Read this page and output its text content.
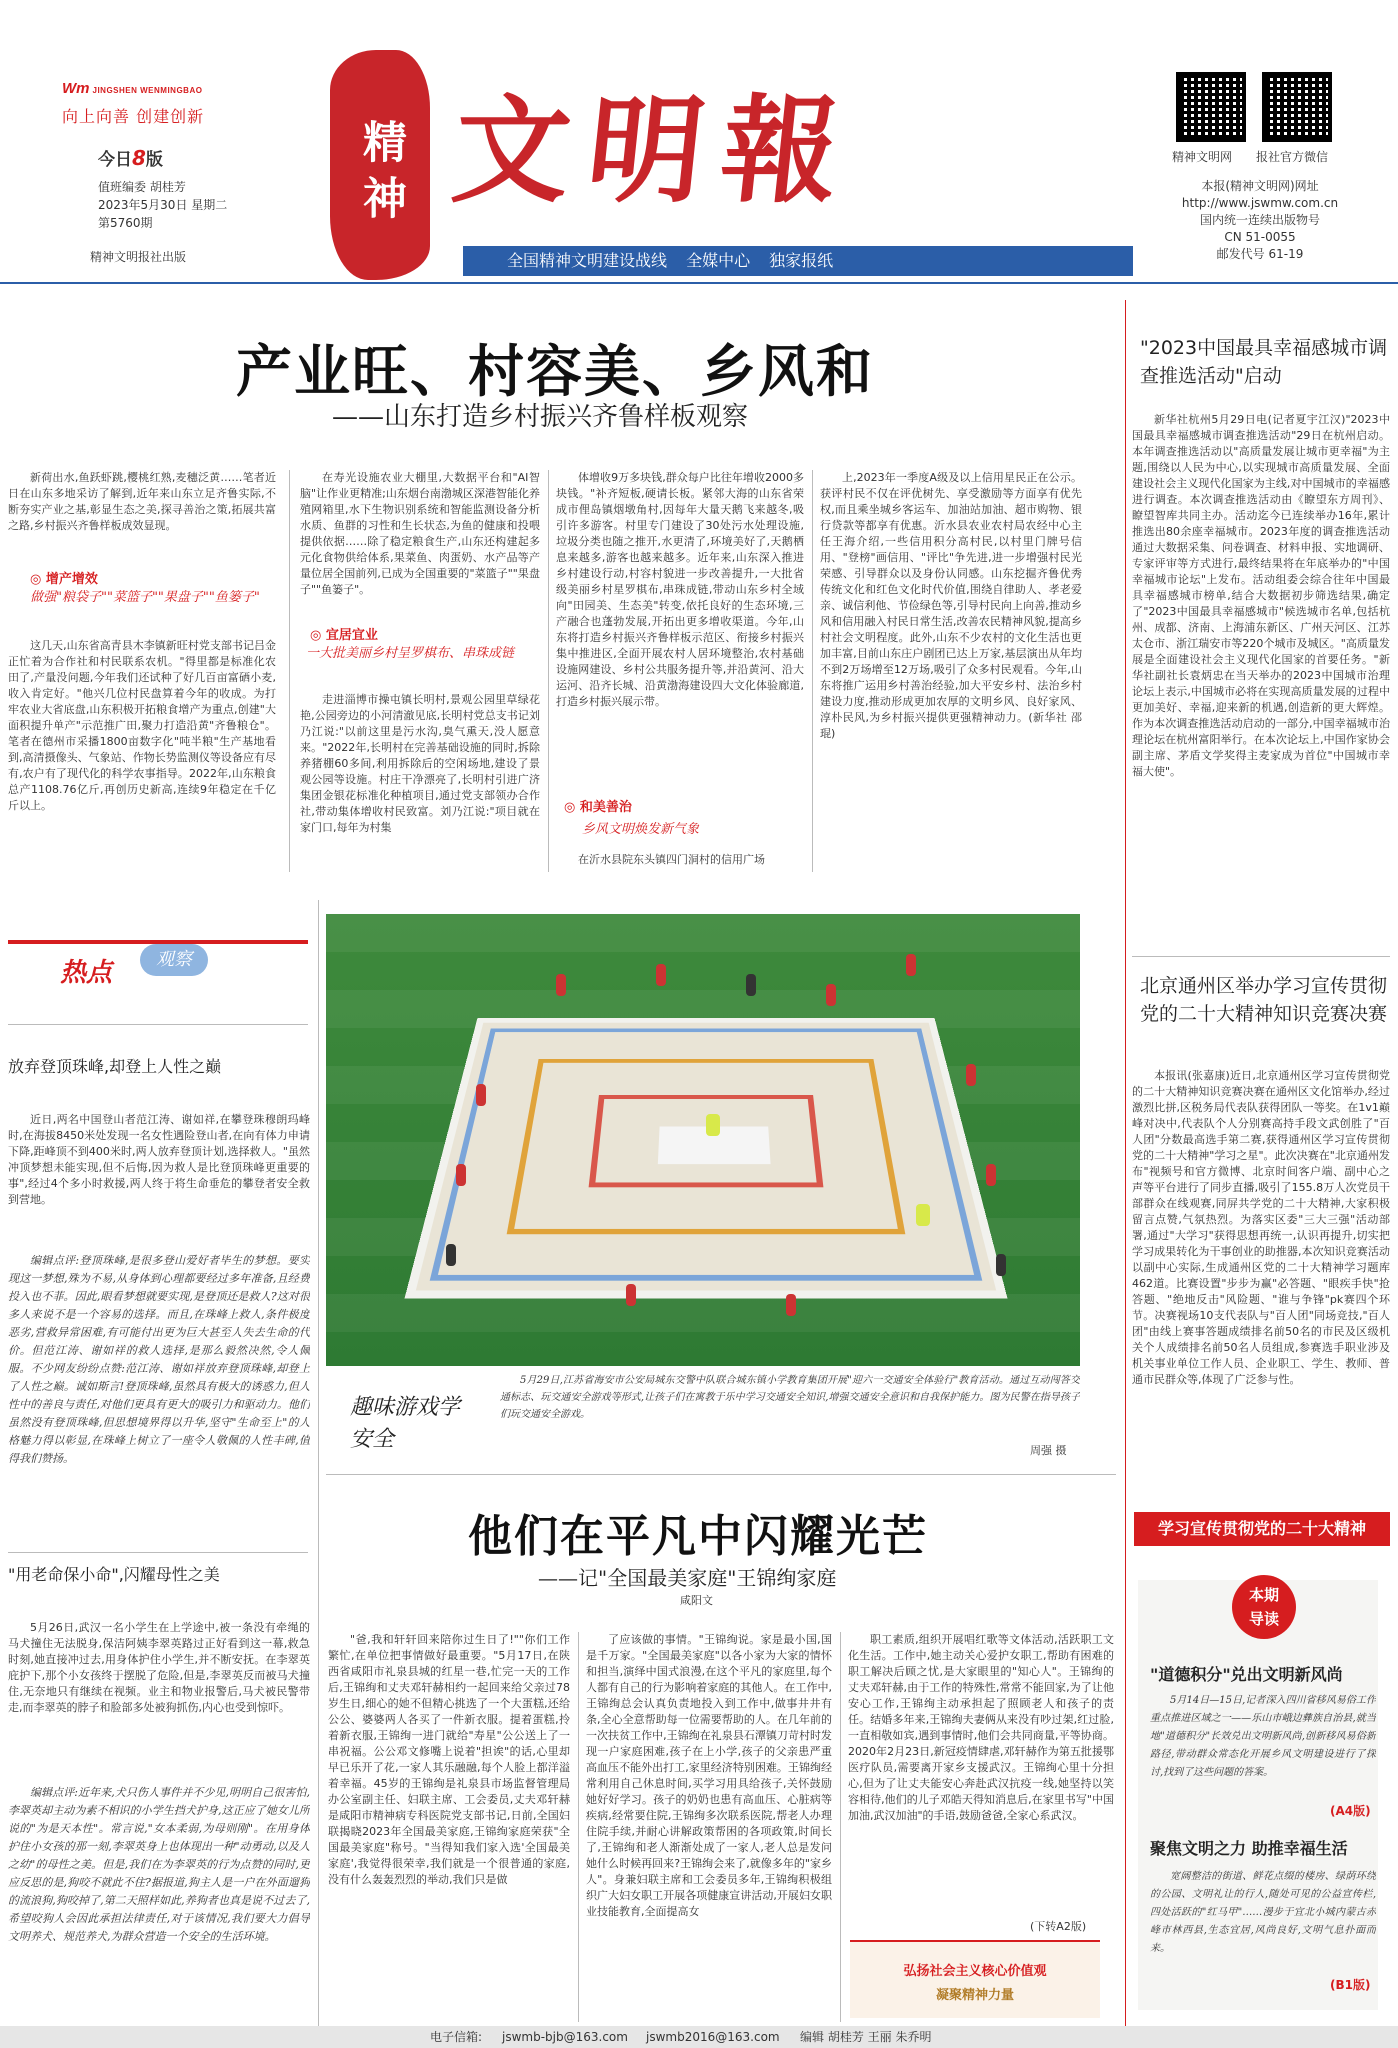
Wm JINGSHEN WENMINGBAO
向上向善 创建创新
今日8版
值班编委 胡桂芳
2023年5月30日 星期二
第5760期
精神文明报社出版
精神 文明報
全国精神文明建设战线 全媒中心 独家报纸
精神文明网 报社官方微信
本报(精神文明网)网址
http://www.jswmw.com.cn
国内统一连续出版物号
CN 51-0055
邮发代号 61-19
产业旺、村容美、乡风和
——山东打造乡村振兴齐鲁样板观察
新荷出水,鱼跃虾跳,樱桃红熟,麦穗泛黄……笔者近日在山东多地采访了解到,近年来山东立足齐鲁实际,不断夯实产业之基,彰显生态之美,探寻善治之策,拓展共富之路,乡村振兴齐鲁样板成效显现。
◎ 增产增效
做强"粮袋子""菜篮子""果盘子""鱼篓子"
这几天,山东省高青县木李镇新旺村党支部书记吕金正忙着为合作社和村民联系农机。"得里都是标准化农田了,产量没问题,今年我们还试种了好几百亩富硒小麦,收入肯定好。"他兴几位村民盘算着今年的收成。为打牢农业大省底盘,山东积极开拓粮食增产为重点,创建"大面积提升单产"示范推广田,聚力打造沿黄"齐鲁粮仓"。笔者在德州市采播1800亩数字化"吨半粮"生产基地看到,高清摄像头、气象站、作物长势监测仪等设备应有尽有,农户有了现代化的科学农事指导。2022年,山东粮食总产1108.76亿斤,再创历史新高,连续9年稳定在千亿斤以上。
在寿光设施农业大棚里,大数据平台和"AI智脑"让作业更精准;山东烟台南渤城区深港智能化养殖网箱里,水下生物识别系统和智能监测设备分析水质、鱼群的习性和生长状态,为鱼的健康和投喂提供依据……除了稳定粮食生产,山东还构建起多元化食物供给体系,果菜鱼、肉蛋奶、水产品等产量位居全国前列,已成为全国重要的"菜篮子""果盘子""鱼篓子"。
◎ 宜居宜业
一大批美丽乡村呈罗棋布、串珠成链
走进淄博市操屯镇长明村,景观公园里草绿花艳,公园旁边的小河清澈见底,长明村党总支书记刘乃江说:"以前这里是污水沟,臭气熏天,没人愿意来。"2022年,长明村在完善基础设施的同时,拆除养猪棚60多间,利用拆除后的空闲场地,建设了景观公园等设施。村庄干净漂亮了,长明村引进广济集团金银花标准化种植项目,通过党支部领办合作社,带动集体增收村民致富。刘乃江说:"项目就在家门口,每年为村集
体增收9万多块钱,群众每户比往年增收2000多块钱。"补齐短板,硬请长板。紧邻大海的山东省荣成市俚岛镇烟墩角村,因每年大量天鹅飞来越冬,吸引许多游客。村里专门建设了30处污水处理设施,垃圾分类也随之推开,水更清了,环境美好了,天鹅栖息来越多,游客也越来越多。近年来,山东深入推进乡村建设行动,村容村貌进一步改善提升,一大批省级美丽乡村星罗棋布,串珠成链,带动山东乡村全域向"田园美、生态美"转变,依托良好的生态环境,三产融合也蓬勃发展,开拓出更多增收渠道。今年,山东将打造乡村振兴齐鲁样板示范区、衔接乡村振兴集中推进区,全面开展农村人居环境整治,农村基础设施网建设、乡村公共服务提升等,并沿黄河、沿大运河、沿齐长城、沿黄渤海建设四大文化体验廊道,打造乡村振兴展示带。
◎ 和美善治
乡风文明焕发新气象
在沂水县院东头镇四门洞村的信用广场
上,2023年一季度A级及以上信用星民正在公示。获评村民不仅在评优树先、享受激励等方面享有优先权,而且乘坐城乡客运车、加油站加油、超市购物、银行贷款等都享有优惠。沂水县农业农村局农经中心主任王海介绍,一些信用积分高村民,以村里门牌号信用、"登榜"画信用、"评比"争先进,进一步增强村民光荣感、引导群众以及身份认同感。山东挖掘齐鲁优秀传统文化和红色文化时代价值,围绕自律助人、孝老爱亲、诚信利他、节俭绿色等,引导村民向上向善,推动乡风和信用融入村民日常生活,改善农民精神风貌,提高乡村社会文明程度。此外,山东不少农村的文化生活也更加丰富,目前山东庄户剧团已达上万家,基层演出从年均不到2万场增至12万场,吸引了众多村民观看。今年,山东将推广运用乡村善治经验,加大平安乡村、法治乡村建设力度,推动形成更加农厚的文明乡风、良好家风、淳朴民风,为乡村振兴提供更强精神动力。(新华社 邵琨)
"2023中国最具幸福感城市调查推选活动"启动
新华社杭州5月29日电(记者夏宇江汉)"2023中国最具幸福感城市调查推选活动"29日在杭州启动。本年调查推选活动以"高质量发展让城市更幸福"为主题,围绕以人民为中心,以实现城市高质量发展、全面建设社会主义现代化国家为主线,对中国城市的幸福感进行调查。本次调查推选活动由《瞭望东方周刊》、瞭望智库共同主办。活动迄今已连续举办16年,累计推选出80余座幸福城市。2023年度的调查推选活动通过大数据采集、问卷调查、材料申报、实地调研、专家评审等方式进行,最终结果将在年底举办的"中国幸福城市论坛"上发布。活动组委会综合往年中国最具幸福感城市榜单,结合大数据初步筛选结果,确定了"2023中国最具幸福感城市"候选城市名单,包括杭州、成都、济南、上海浦东新区、广州天河区、江苏太仓市、浙江瑞安市等220个城市及城区。"高质量发展是全面建设社会主义现代化国家的首要任务。"新华社副社长袁炳忠在当天举办的2023中国城市治理论坛上表示,中国城市必将在实现高质量发展的过程中更加美好、幸福,迎来新的机遇,创造新的更大辉煌。作为本次调查推选活动启动的一部分,中国幸福城市治理论坛在杭州富阳举行。在本次论坛上,中国作家协会副主席、茅盾文学奖得主麦家成为首位"中国城市幸福大使"。
北京通州区举办学习宣传贯彻党的二十大精神知识竞赛决赛
本报讯(张嘉康)近日,北京通州区学习宣传贯彻党的二十大精神知识竞赛决赛在通州区文化馆举办,经过激烈比拼,区税务局代表队获得团队一等奖。在1v1巅峰对决中,代表队个人分别赛高持手段文武创胜了"百人团"分数最高选手第二赛,获得通州区学习宣传贯彻党的二十大精神"学习之星"。此次决赛在"北京通州发布"视频号和官方微博、北京时间客户端、副中心之声等平台进行了同步直播,吸引了155.8万人次党员干部群众在线观赛,同屏共学党的二十大精神,大家积极留言点赞,气氛热烈。为落实区委"三大三强"活动部署,通过"大学习"获得思想再统一,认识再提升,切实把学习成果转化为干事创业的助推器,本次知识竞赛活动以副中心实际,生成通州区党的二十大精神学习题库462道。比赛设置"步步为赢"必答题、"眼疾手快"抢答题、"绝地反击"风险题、"谁与争锋"pk赛四个环节。决赛视场10支代表队与"百人团"同场竞技,"百人团"由线上赛事答题成绩排名前50名的市民及区级机关个人成绩排名前50名人员组成,参赛选手职业涉及机关事业单位工作人员、企业职工、学生、教师、普通市民群众等,体现了广泛参与性。
学习宣传贯彻党的二十大精神
本期
导读
"道德积分"兑出文明新风尚
5月14日—15日,记者深入四川省移风易俗工作重点推进区域之一——乐山市峨边彝族自治县,就当地"道德积分"长效兑出文明新风尚,创新移风易俗新路径,带动群众常态化开展乡风文明建设进行了探讨,找到了这些问题的答案。
(A4版)
聚焦文明之力 助推幸福生活
宽阔整洁的街道、鲜花点缀的楼房、绿荫环绕的公园、文明礼让的行人,随处可见的公益宣传栏,四处活跃的"红马甲"……漫步于宜北小城内蒙古赤峰市林西县,生态宜居,风尚良好,文明气息扑面而来。
(B1版)
热点	观察
放弃登顶珠峰,却登上人性之巅
近日,两名中国登山者范江涛、谢如祥,在攀登珠穆朗玛峰时,在海拔8450米处发现一名女性遇险登山者,在向有体力申请下降,距峰顶不到400米时,两人放弃登顶计划,选择救人。"虽然冲顶梦想未能实现,但不后悔,因为救人是比登顶珠峰更重要的事",经过4个多小时救援,两人终于将生命垂危的攀登者安全救到营地。
编辑点评:登顶珠峰,是很多登山爱好者毕生的梦想。要实现这一梦想,殊为不易,从身体到心理都要经过多年准备,且经费投入也不菲。因此,眼看梦想就要实现,是登顶还是救人?这对很多人来说不是一个容易的选择。而且,在珠峰上救人,条件极度恶劣,营救异常困难,有可能付出更为巨大甚至人失去生命的代价。但范江涛、谢如祥的救人选择,是那么毅然决然,令人佩服。不少网友纷纷点赞:范江涛、谢如祥放弃登顶珠峰,却登上了人性之巅。诚如斯言!登顶珠峰,虽然具有极大的诱惑力,但人性中的善良与责任,对他们更具有更大的吸引力和驱动力。他们虽然没有登顶珠峰,但思想境界得以升华,坚守"生命至上"的人格魅力得以彰显,在珠峰上树立了一座令人敬佩的人性丰碑,值得我们赞扬。
"用老命保小命",闪耀母性之美
5月26日,武汉一名小学生在上学途中,被一条没有牵绳的马犬撞住无法脱身,保洁阿姨李翠英路过正好看到这一幕,救急时刻,她直接冲过去,用身体护住小学生,并不断安抚。在李翠英庇护下,那个小女孩终于摆脱了危险,但是,李翠英反而被马犬撞住,无奈地只有继续在视频。业主和物业报警后,马犬被民警带走,而李翠英的脖子和脸部多处被狗抓伤,内心也受到惊吓。
编辑点评:近年来,犬只伤人事件并不少见,明明自己很害怕,李翠英却主动为素不相识的小学生挡犬护身,这正应了她女儿所说的"为是天本性"。常言说,"女本柔弱,为母则刚"。在用身体护住小女孩的那一刻,李翠英身上也体现出一种"动勇动,以及人之幼"的母性之美。但是,我们在为李翠英的行为点赞的同时,更应反思的是,狗咬不就此不住?据报道,狗主人是一户在外面遛狗的流浪狗,狗咬掉了,第二天照样如此,养狗者也真是说不过去了,希望咬狗人会因此承担法律责任,对于该情况,我们要大力倡导文明养犬、规范养犬,为群众营造一个安全的生活环境。
趣味游戏学安全
5月29日,江苏省海安市公安局城东交警中队联合城东镇小学教育集团开展"迎六一交通安全体验行"教育活动。通过互动闯答交通标志、玩交通安全游戏等形式,让孩子们在寓教于乐中学习交通安全知识,增强交通安全意识和自我保护能力。图为民警在指导孩子们玩交通安全游戏。
周强 摄
他们在平凡中闪耀光芒
——记"全国最美家庭"王锦绚家庭
咸阳文
"爸,我和轩轩回来陪你过生日了!""你们工作繁忙,在单位把事情做好最重要。"5月17日,在陕西省咸阳市礼泉县城的红星一巷,忙完一天的工作后,王锦绚和丈夫邓轩赫相约一起回来给父亲过78岁生日,细心的她不但精心挑选了一个大蛋糕,还给公公、婆婆两人各买了一件新衣服。提着蛋糕,拎着新衣服,王锦绚一进门就给"寿星"公公送上了一串祝福。公公邓文修嘴上说着"担诶"的话,心里却早已乐开了花,一家人其乐融融,每个人脸上都洋溢着幸福。45岁的王锦绚是礼泉县市场监督管理局办公室副主任、妇联主席、工会委员,丈夫邓轩赫是咸阳市精神病专科医院党支部书记,日前,全国妇联揭晓2023年全国最美家庭,王锦绚家庭荣获"全国最美家庭"称号。"当得知我们家入选'全国最美家庭',我觉得很荣幸,我们就是一个很普通的家庭,没有什么轰轰烈烈的举动,我们只是做
了应该做的事情。"王锦绚说。家是最小国,国是千万家。"全国最美家庭"以各小家为大家的情怀和担当,演绎中国式浪漫,在这个平凡的家庭里,每个人都有自己的行为影响着家庭的其他人。在工作中,王锦绚总会认真负责地投入到工作中,做事井井有条,全心全意帮助每一位需要帮助的人。在几年前的一次扶贫工作中,王锦绚在礼泉县石潭镇刀苛村时发现一户家庭困难,孩子在上小学,孩子的父亲患严重高血压不能外出打工,家里经济特别困难。王锦绚经常利用自己休息时间,买学习用具给孩子,关怀鼓励她好好学习。孩子的奶奶也患有高血压、心脏病等疾病,经常要住院,王锦绚多次联系医院,帮老人办理住院手续,并耐心讲解政策帮困的各项政策,时间长了,王锦绚和老人渐渐处成了一家人,老人总是发问她什么时候再回来?王锦绚会来了,就像多年的"家乡人"。身兼妇联主席和工会委员多年,王锦绚积极组织广大妇女职工开展各项健康宣讲活动,开展妇女职业技能教育,全面提高女
职工素质,组织开展唱红歌等文体活动,活跃职工文化生活。工作中,她主动关心爱护女职工,帮助有困难的职工解决后顾之忧,是大家眼里的"知心人"。王锦绚的丈夫邓轩赫,由于工作的特殊性,常常不能回家,为了让他安心工作,王锦绚主动承担起了照顾老人和孩子的责任。结婚多年来,王锦绚夫妻俩从来没有吵过架,红过脸,一直相敬如宾,遇到事情时,他们会共同商量,平等协商。2020年2月23日,新冠疫情肆虐,邓轩赫作为第五批援鄂医疗队员,需要离开家乡支援武汉。王锦绚心里十分担心,但为了让丈夫能安心奔赴武汉抗疫一线,她坚持以笑容相待,他们的儿子邓皓天得知消息后,在家里书写"中国加油,武汉加油"的手语,鼓励爸爸,全家心系武汉。
(下转A2版)
弘扬社会主义核心价值观
凝聚精神力量
电子信箱: jswmb-bjb@163.com jswmb2016@163.com 编辑 胡桂芳 王丽 朱乔明
